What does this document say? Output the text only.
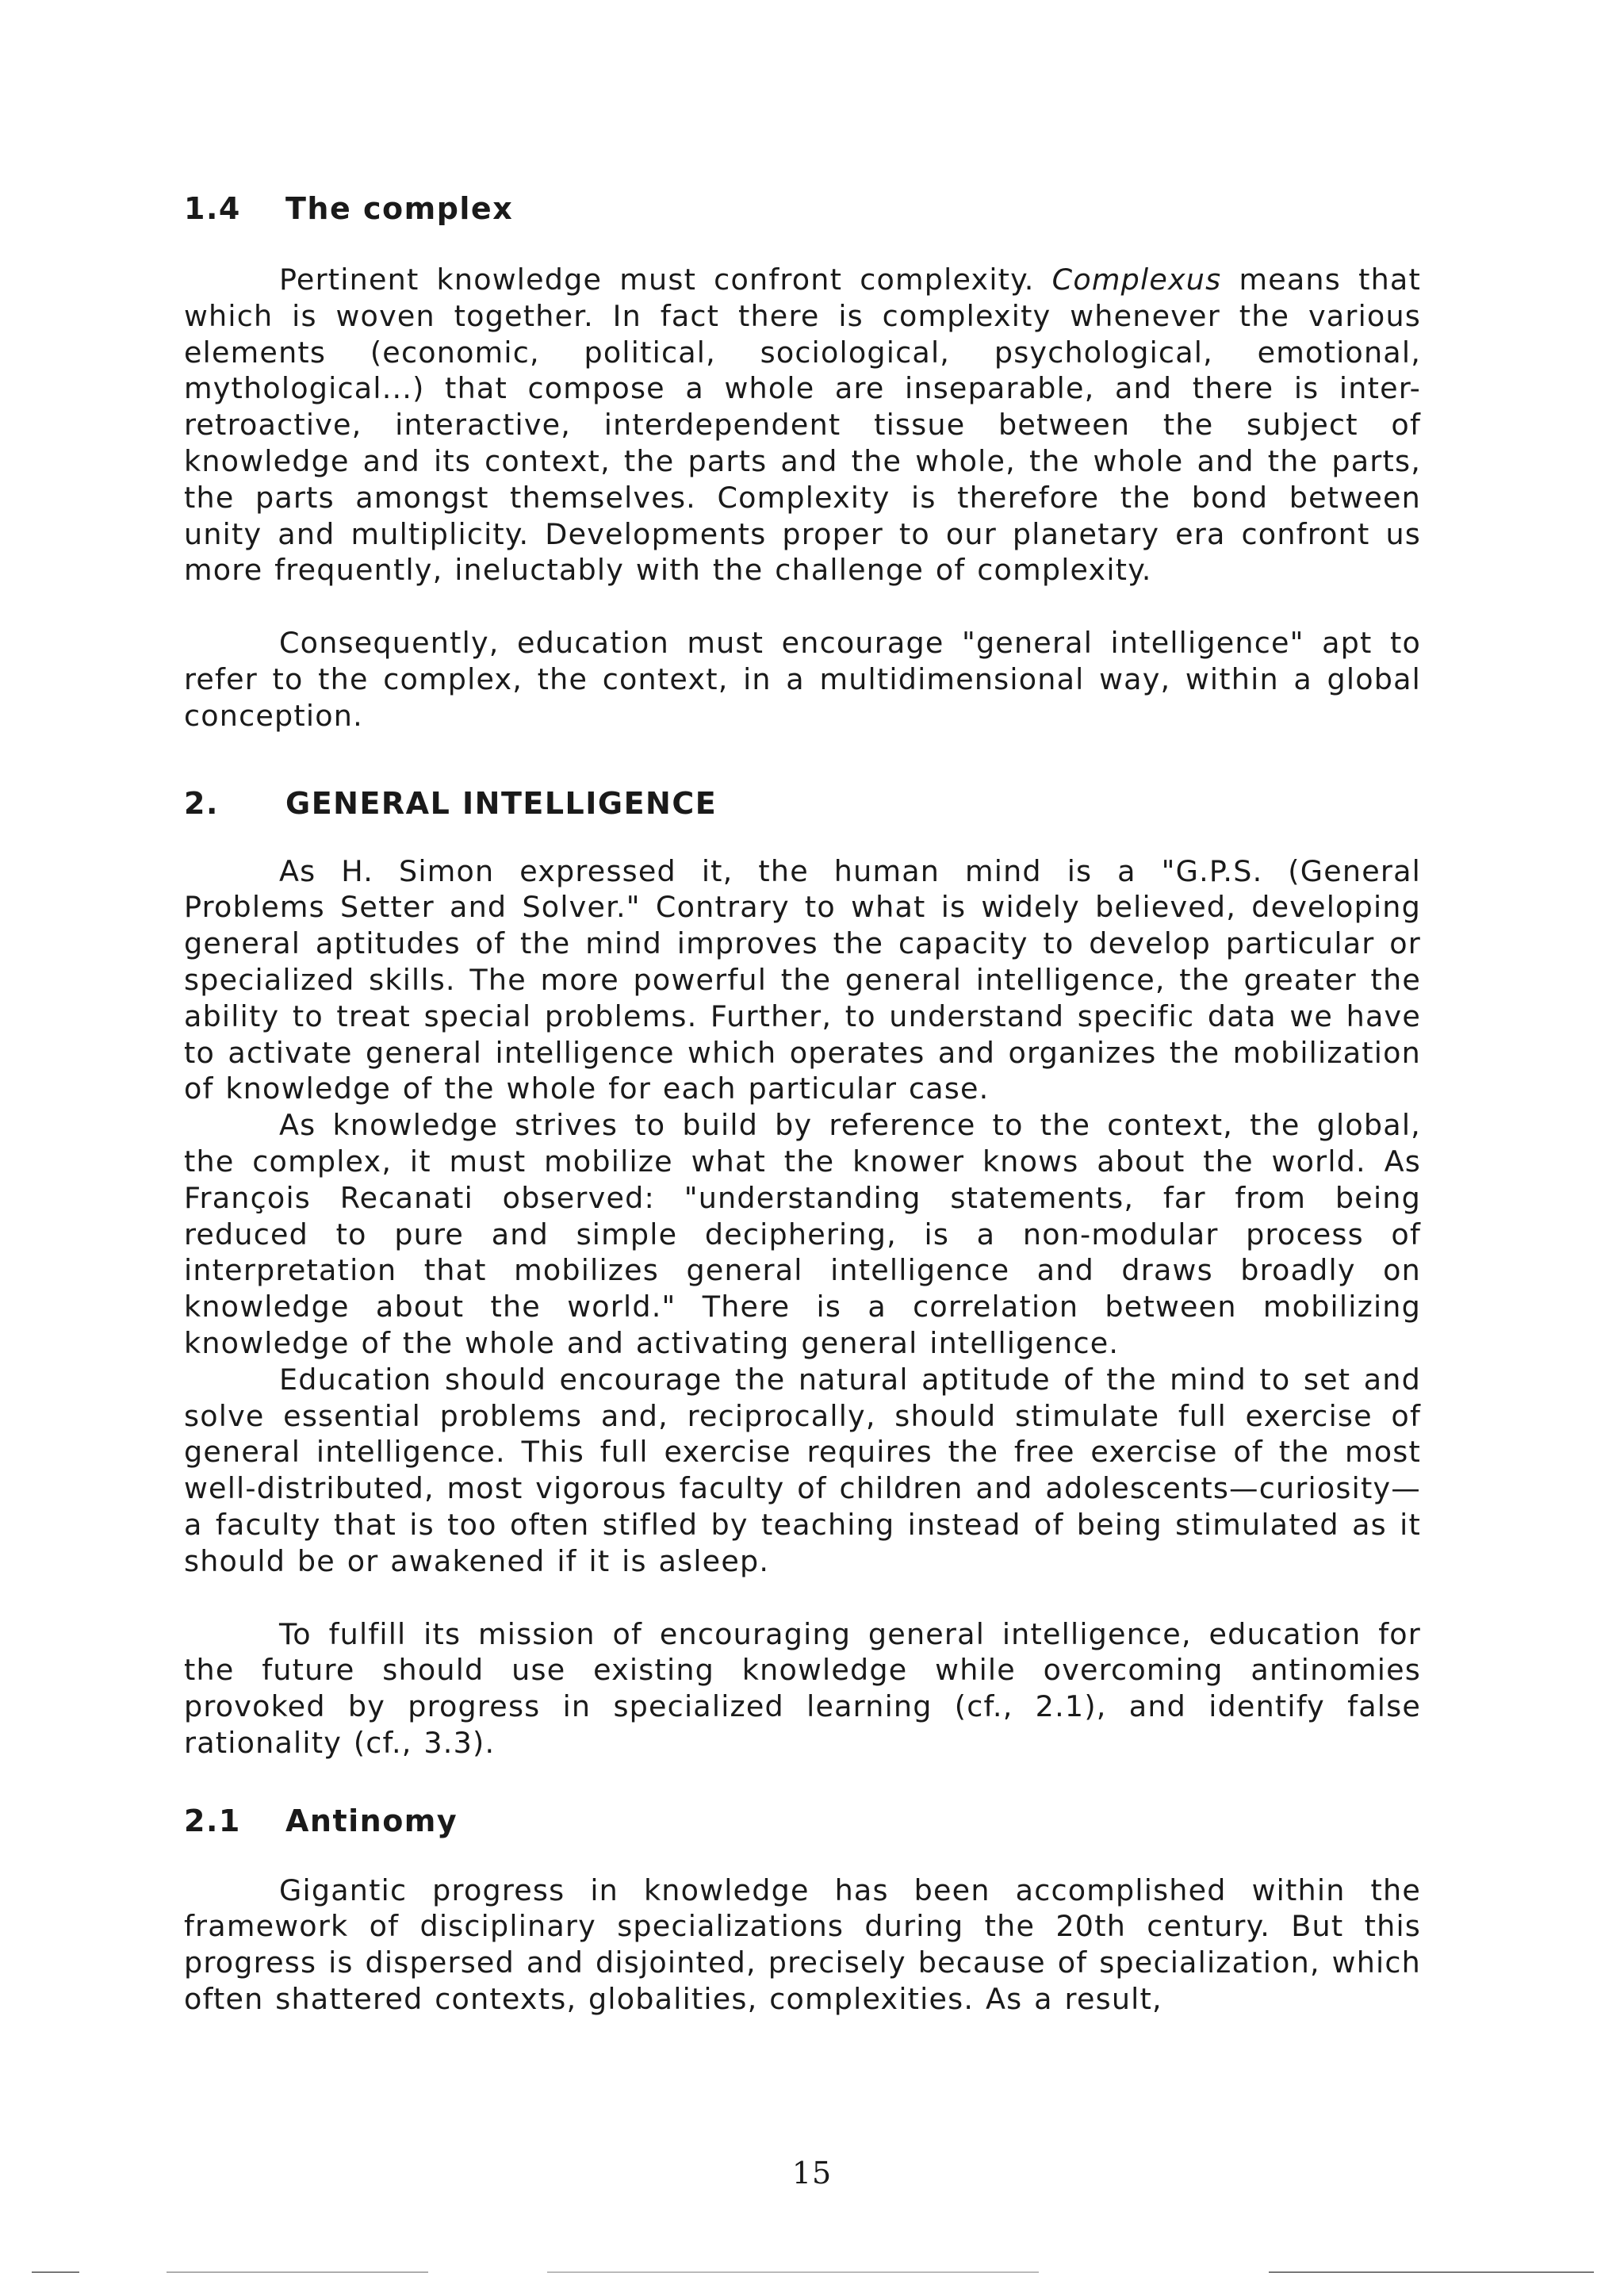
1.4 The complex

Pertinent knowledge must confront complexity. Complexus means that which is woven together. In fact there is complexity whenever the various elements (economic, political, sociological, psychological, emotional, mythological...) that compose a whole are inseparable, and there is inter-retroactive, interactive, interdependent tissue between the subject of knowledge and its context, the parts and the whole, the whole and the parts, the parts amongst themselves. Complexity is therefore the bond between unity and multiplicity. Developments proper to our planetary era confront us more frequently, ineluctably with the challenge of complexity.

Consequently, education must encourage "general intelligence" apt to refer to the complex, the context, in a multidimensional way, within a global conception.

2. GENERAL INTELLIGENCE

As H. Simon expressed it, the human mind is a "G.P.S. (General Problems Setter and Solver." Contrary to what is widely believed, developing general aptitudes of the mind improves the capacity to develop particular or specialized skills. The more powerful the general intelligence, the greater the ability to treat special problems. Further, to understand specific data we have to activate general intelligence which operates and organizes the mobilization of knowledge of the whole for each particular case.

As knowledge strives to build by reference to the context, the global, the complex, it must mobilize what the knower knows about the world. As François Recanati observed: "understanding statements, far from being reduced to pure and simple deciphering, is a non-modular process of interpretation that mobilizes general intelligence and draws broadly on knowledge about the world." There is a correlation between mobilizing knowledge of the whole and activating general intelligence.

Education should encourage the natural aptitude of the mind to set and solve essential problems and, reciprocally, should stimulate full exercise of general intelligence. This full exercise requires the free exercise of the most well-distributed, most vigorous faculty of children and adolescents—curiosity—a faculty that is too often stifled by teaching instead of being stimulated as it should be or awakened if it is asleep.

To fulfill its mission of encouraging general intelligence, education for the future should use existing knowledge while overcoming antinomies provoked by progress in specialized learning (cf., 2.1), and identify false rationality (cf., 3.3).

2.1 Antinomy

Gigantic progress in knowledge has been accomplished within the framework of disciplinary specializations during the 20th century. But this progress is dispersed and disjointed, precisely because of specialization, which often shattered contexts, globalities, complexities. As a result,

15
